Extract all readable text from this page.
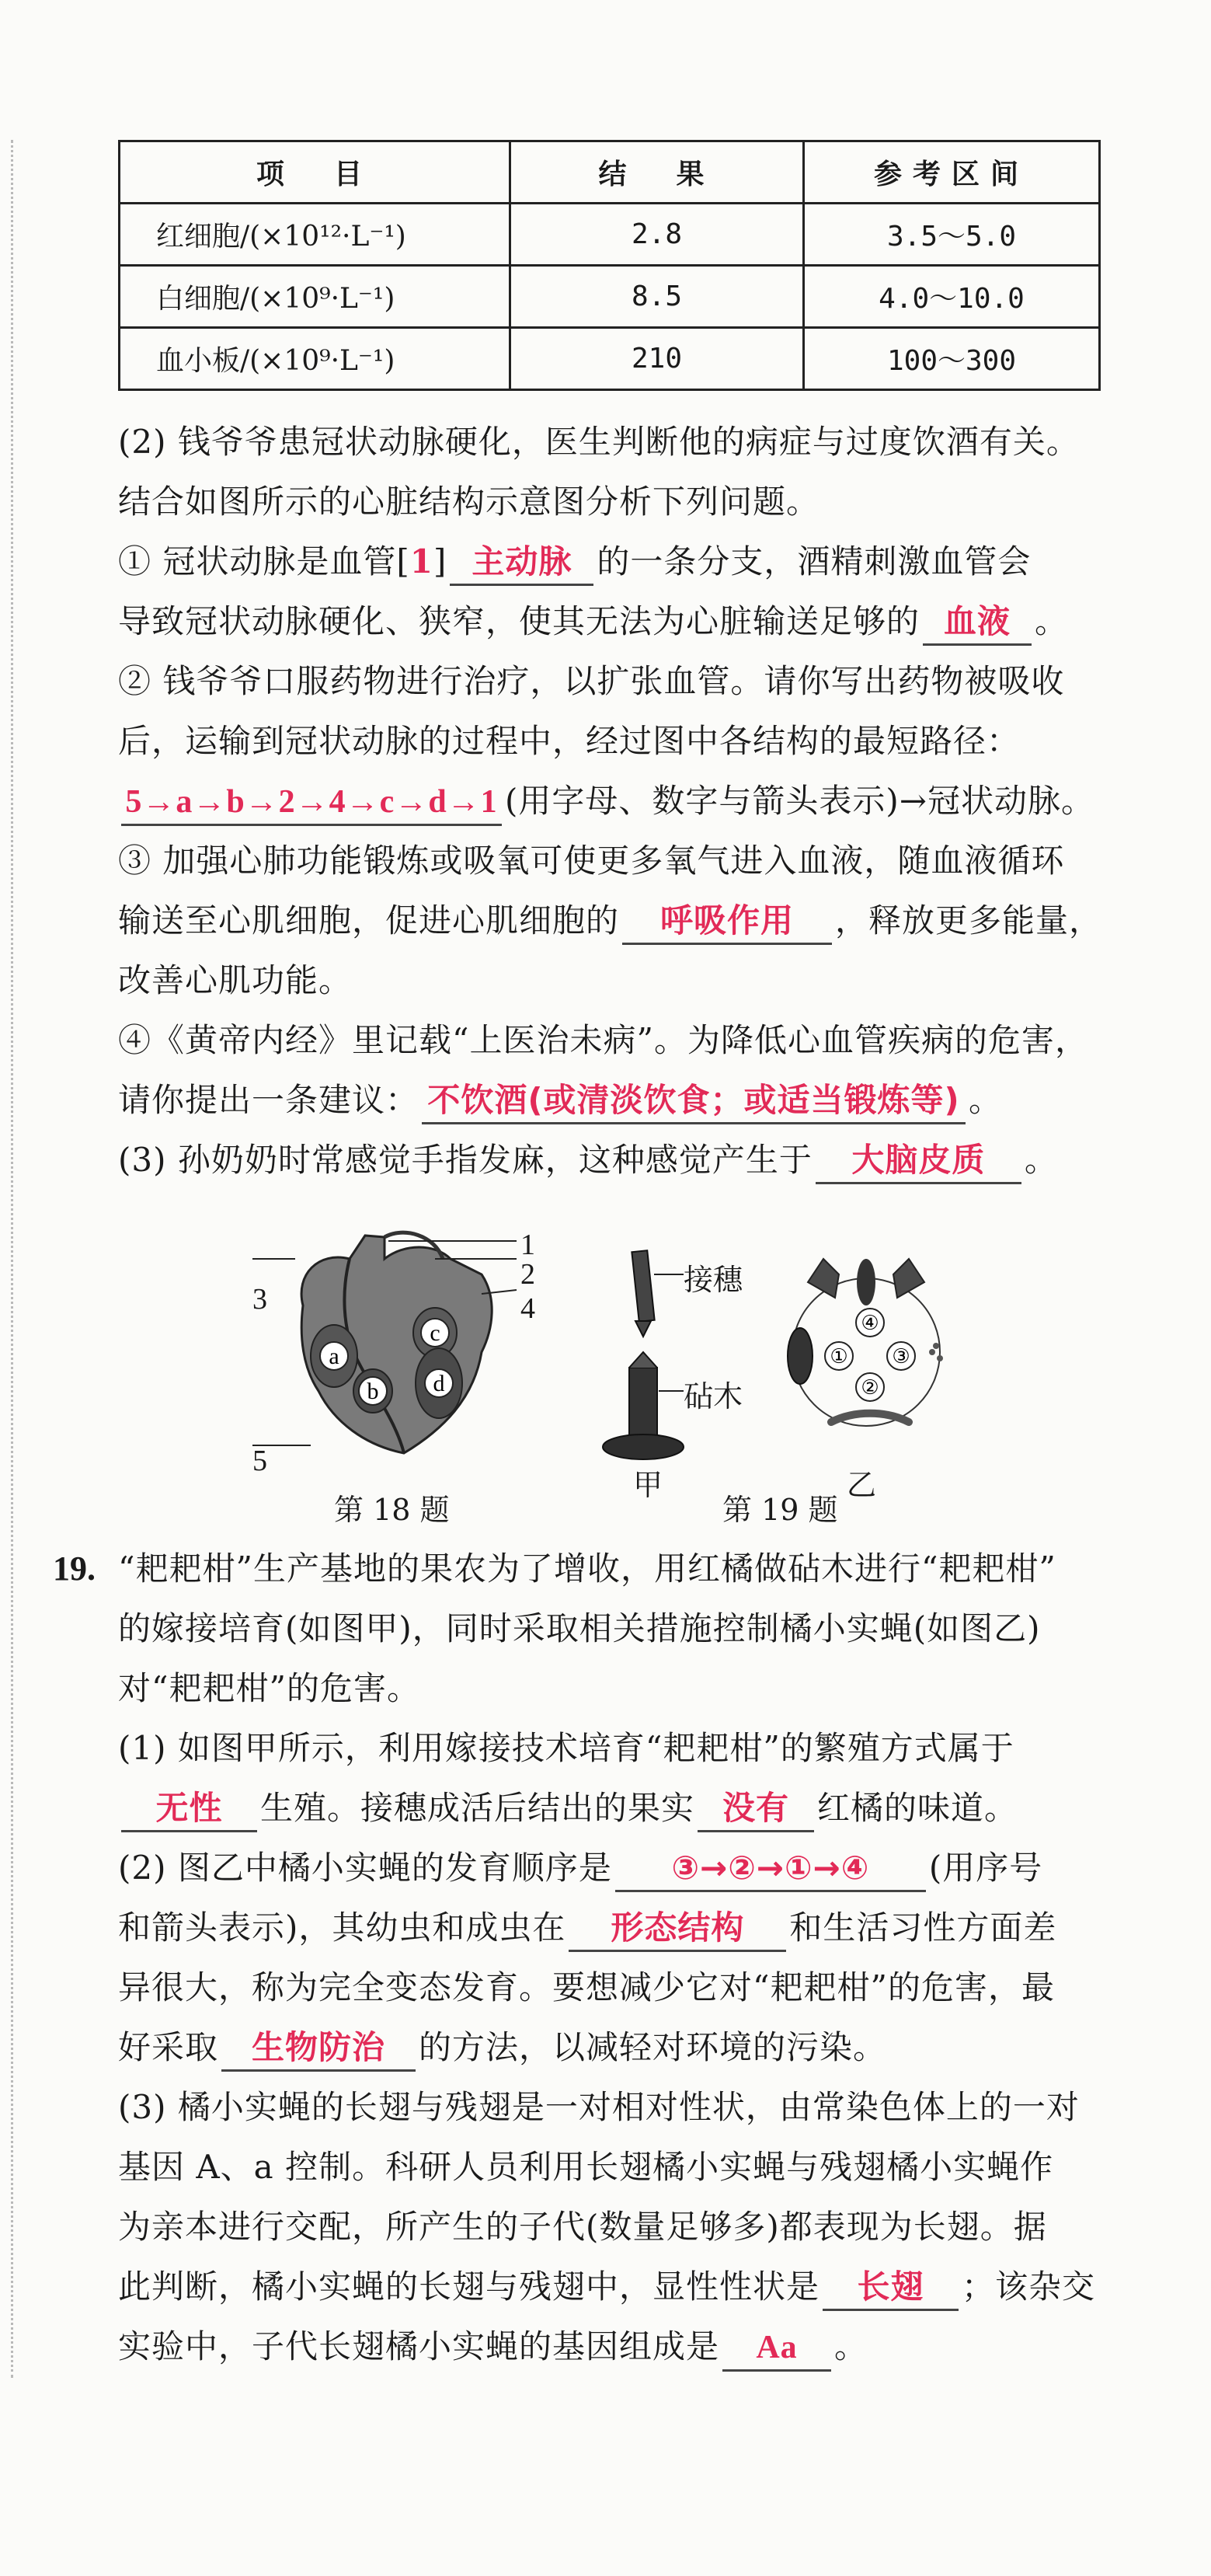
项　目	结　果	参考区间
红细胞/(×10¹²·L⁻¹)	2.8	3.5～5.0
白细胞/(×10⁹·L⁻¹)	8.5	4.0～10.0
血小板/(×10⁹·L⁻¹)	210	100～300
(2) 钱爷爷患冠状动脉硬化，医生判断他的病症与过度饮酒有关。
结合如图所示的心脏结构示意图分析下列问题。
① 冠状动脉是血管[1] 主动脉 的一条分支，酒精刺激血管会
导致冠状动脉硬化、狭窄，使其无法为心脏输送足够的 血液 。
② 钱爷爷口服药物进行治疗，以扩张血管。请你写出药物被吸收
后，运输到冠状动脉的过程中，经过图中各结构的最短路径：
5→a→b→2→4→c→d→1 (用字母、数字与箭头表示)→冠状动脉。
③ 加强心肺功能锻炼或吸氧可使更多氧气进入血液，随血液循环
输送至心肌细胞，促进心肌细胞的 呼吸作用 ，释放更多能量，
改善心肌功能。
④《黄帝内经》里记载“上医治未病”。为降低心血管疾病的危害，
请你提出一条建议： 不饮酒(或清淡饮食；或适当锻炼等) 。
(3) 孙奶奶时常感觉手指发麻，这种感觉产生于 大脑皮质 。
a
b
c
d
1
2
3	4
5
第 18 题
接穗
砧木
甲
①
②
③
④
乙
第 19 题
19. “耙耙柑”生产基地的果农为了增收，用红橘做砧木进行“耙耙柑”
的嫁接培育(如图甲)，同时采取相关措施控制橘小实蝇(如图乙)
对“耙耙柑”的危害。
(1) 如图甲所示，利用嫁接技术培育“耙耙柑”的繁殖方式属于
无性 生殖。接穗成活后结出的果实 没有 红橘的味道。
(2) 图乙中橘小实蝇的发育顺序是 ③→②→①→④ (用序号
和箭头表示)，其幼虫和成虫在 形态结构 和生活习性方面差
异很大，称为完全变态发育。要想减少它对“耙耙柑”的危害，最
好采取 生物防治 的方法，以减轻对环境的污染。
(3) 橘小实蝇的长翅与残翅是一对相对性状，由常染色体上的一对
基因 A、a 控制。科研人员利用长翅橘小实蝇与残翅橘小实蝇作
为亲本进行交配，所产生的子代(数量足够多)都表现为长翅。据
此判断，橘小实蝇的长翅与残翅中，显性性状是 长翅 ；该杂交
实验中，子代长翅橘小实蝇的基因组成是 Aa 。
